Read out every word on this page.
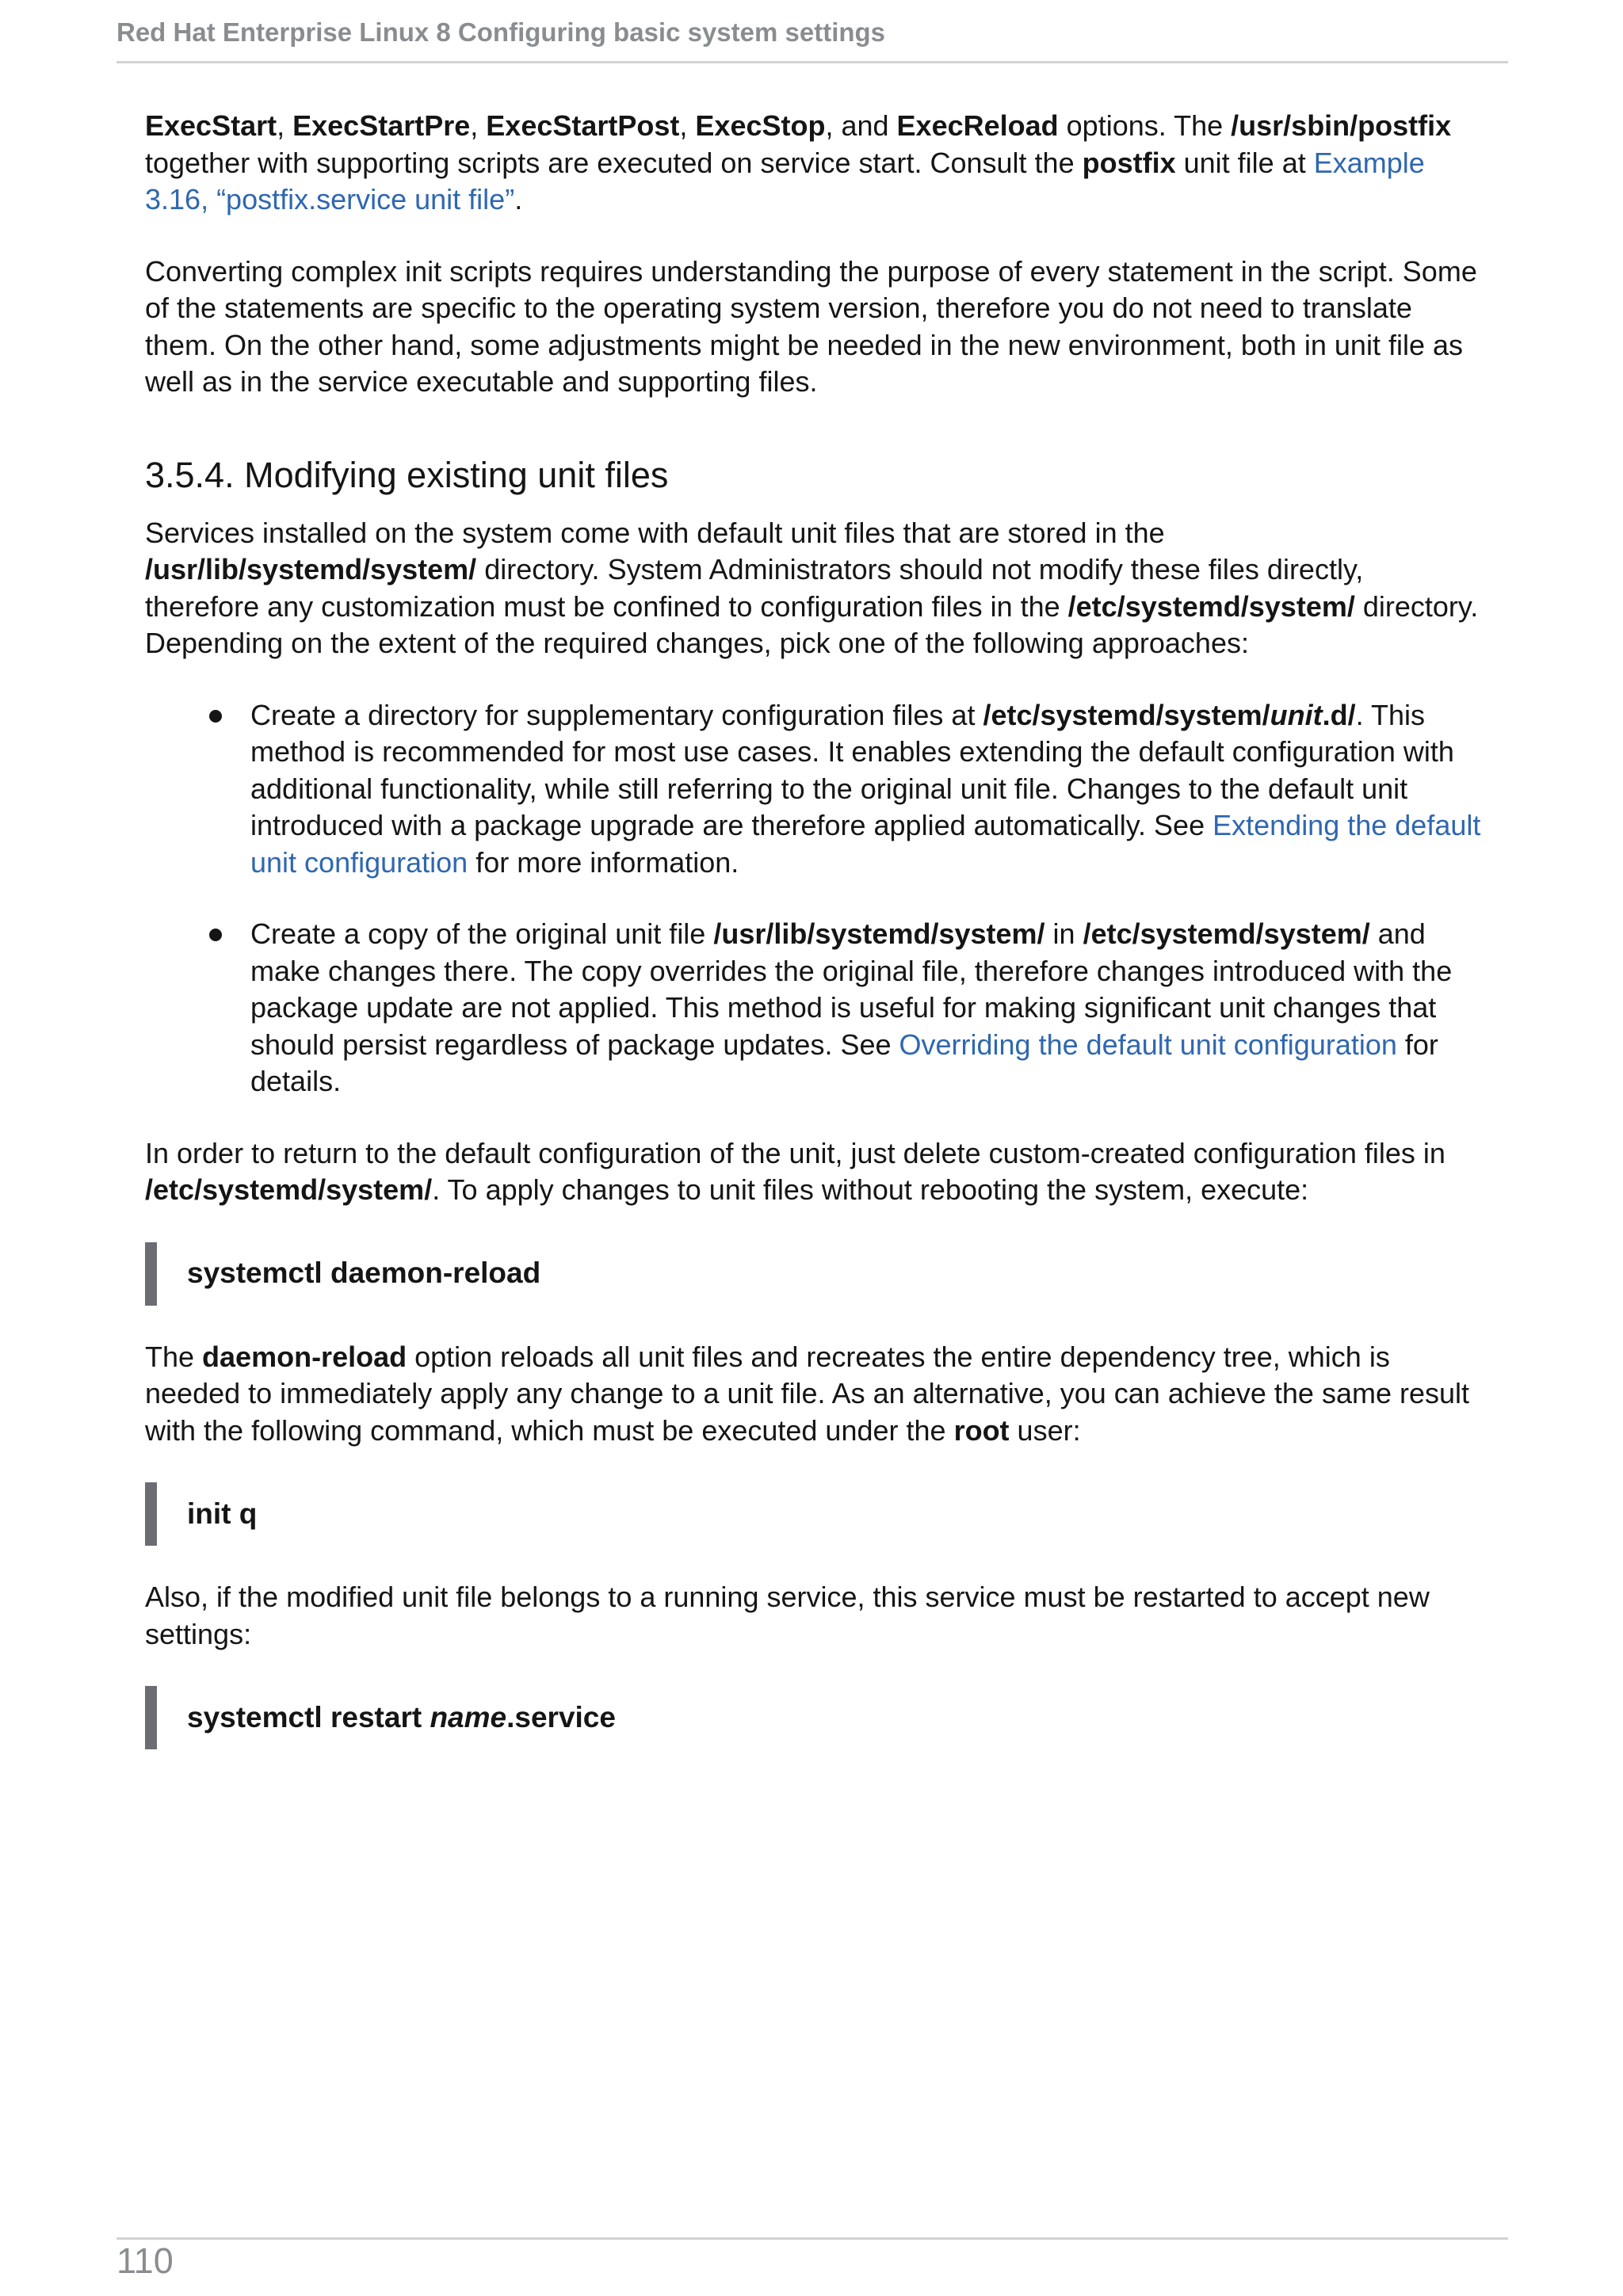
Red Hat Enterprise Linux 8 Configuring basic system settings

ExecStart, ExecStartPre, ExecStartPost, ExecStop, and ExecReload options. The /usr/sbin/postfix together with supporting scripts are executed on service start. Consult the postfix unit file at Example 3.16, “postfix.service unit file”.

Converting complex init scripts requires understanding the purpose of every statement in the script. Some of the statements are specific to the operating system version, therefore you do not need to translate them. On the other hand, some adjustments might be needed in the new environment, both in unit file as well as in the service executable and supporting files.

3.5.4. Modifying existing unit files

Services installed on the system come with default unit files that are stored in the /usr/lib/systemd/system/ directory. System Administrators should not modify these files directly, therefore any customization must be confined to configuration files in the /etc/systemd/system/ directory. Depending on the extent of the required changes, pick one of the following approaches:

Create a directory for supplementary configuration files at /etc/systemd/system/unit.d/. This method is recommended for most use cases. It enables extending the default configuration with additional functionality, while still referring to the original unit file. Changes to the default unit introduced with a package upgrade are therefore applied automatically. See Extending the default unit configuration for more information.
Create a copy of the original unit file /usr/lib/systemd/system/ in /etc/systemd/system/ and make changes there. The copy overrides the original file, therefore changes introduced with the package update are not applied. This method is useful for making significant unit changes that should persist regardless of package updates. See Overriding the default unit configuration for details.

In order to return to the default configuration of the unit, just delete custom-created configuration files in /etc/systemd/system/. To apply changes to unit files without rebooting the system, execute:

systemctl daemon-reload

The daemon-reload option reloads all unit files and recreates the entire dependency tree, which is needed to immediately apply any change to a unit file. As an alternative, you can achieve the same result with the following command, which must be executed under the root user:

init q

Also, if the modified unit file belongs to a running service, this service must be restarted to accept new settings:

systemctl restart name.service
110
